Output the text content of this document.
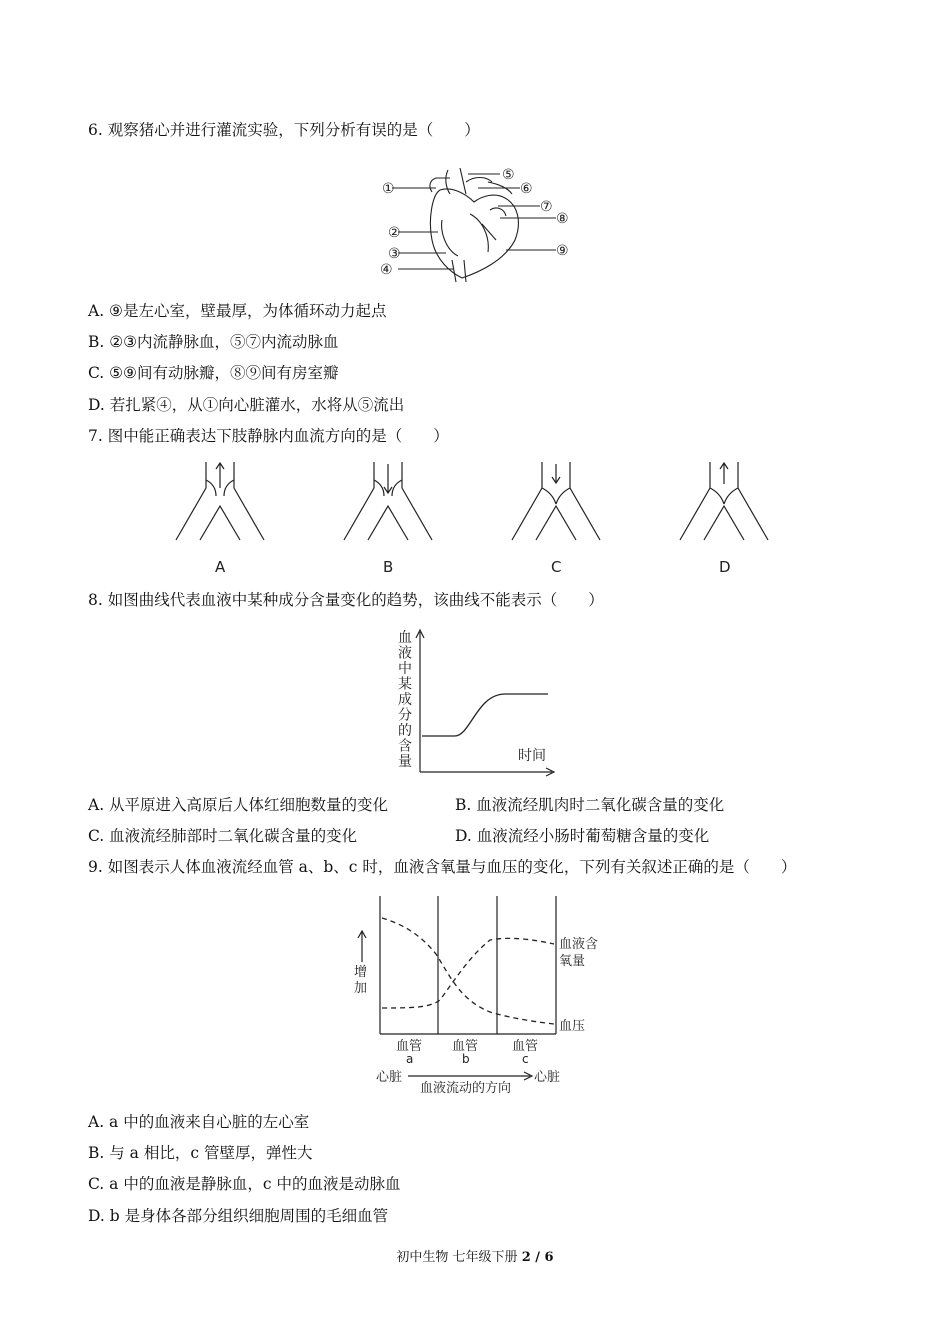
6. 观察猪心并进行灌流实验，下列分析有误的是（　　）
①
②
③
④
⑤
⑥
⑦
⑧
⑨
A. ⑨是左心室，壁最厚，为体循环动力起点
B. ②③内流静脉血，⑤⑦内流动脉血
C. ⑤⑨间有动脉瓣，⑧⑨间有房室瓣
D. 若扎紧④，从①向心脏灌水，水将从⑤流出
7. 图中能正确表达下肢静脉内血流方向的是（　　）
A	B	C	D
8. 如图曲线代表血液中某种成分含量变化的趋势，该曲线不能表示（　　）
血
液
中
某
成
分
的
含
量	时间
A. 从平原进入高原后人体红细胞数量的变化	B. 血液流经肌肉时二氧化碳含量的变化
C. 血液流经肺部时二氧化碳含量的变化	D. 血液流经小肠时葡萄糖含量的变化
9. 如图表示人体血液流经血管 a、b、c 时，血液含氧量与血压的变化，下列有关叙述正确的是（　　）
增
加
血液含
氧量
血压
血管
a
血管
b
血管
c
心脏	心脏
血液流动的方向
A. a 中的血液来自心脏的左心室
B. 与 a 相比，c 管壁厚，弹性大
C. a 中的血液是静脉血，c 中的血液是动脉血
D. b 是身体各部分组织细胞周围的毛细血管
初中生物 七年级下册 2 / 6
